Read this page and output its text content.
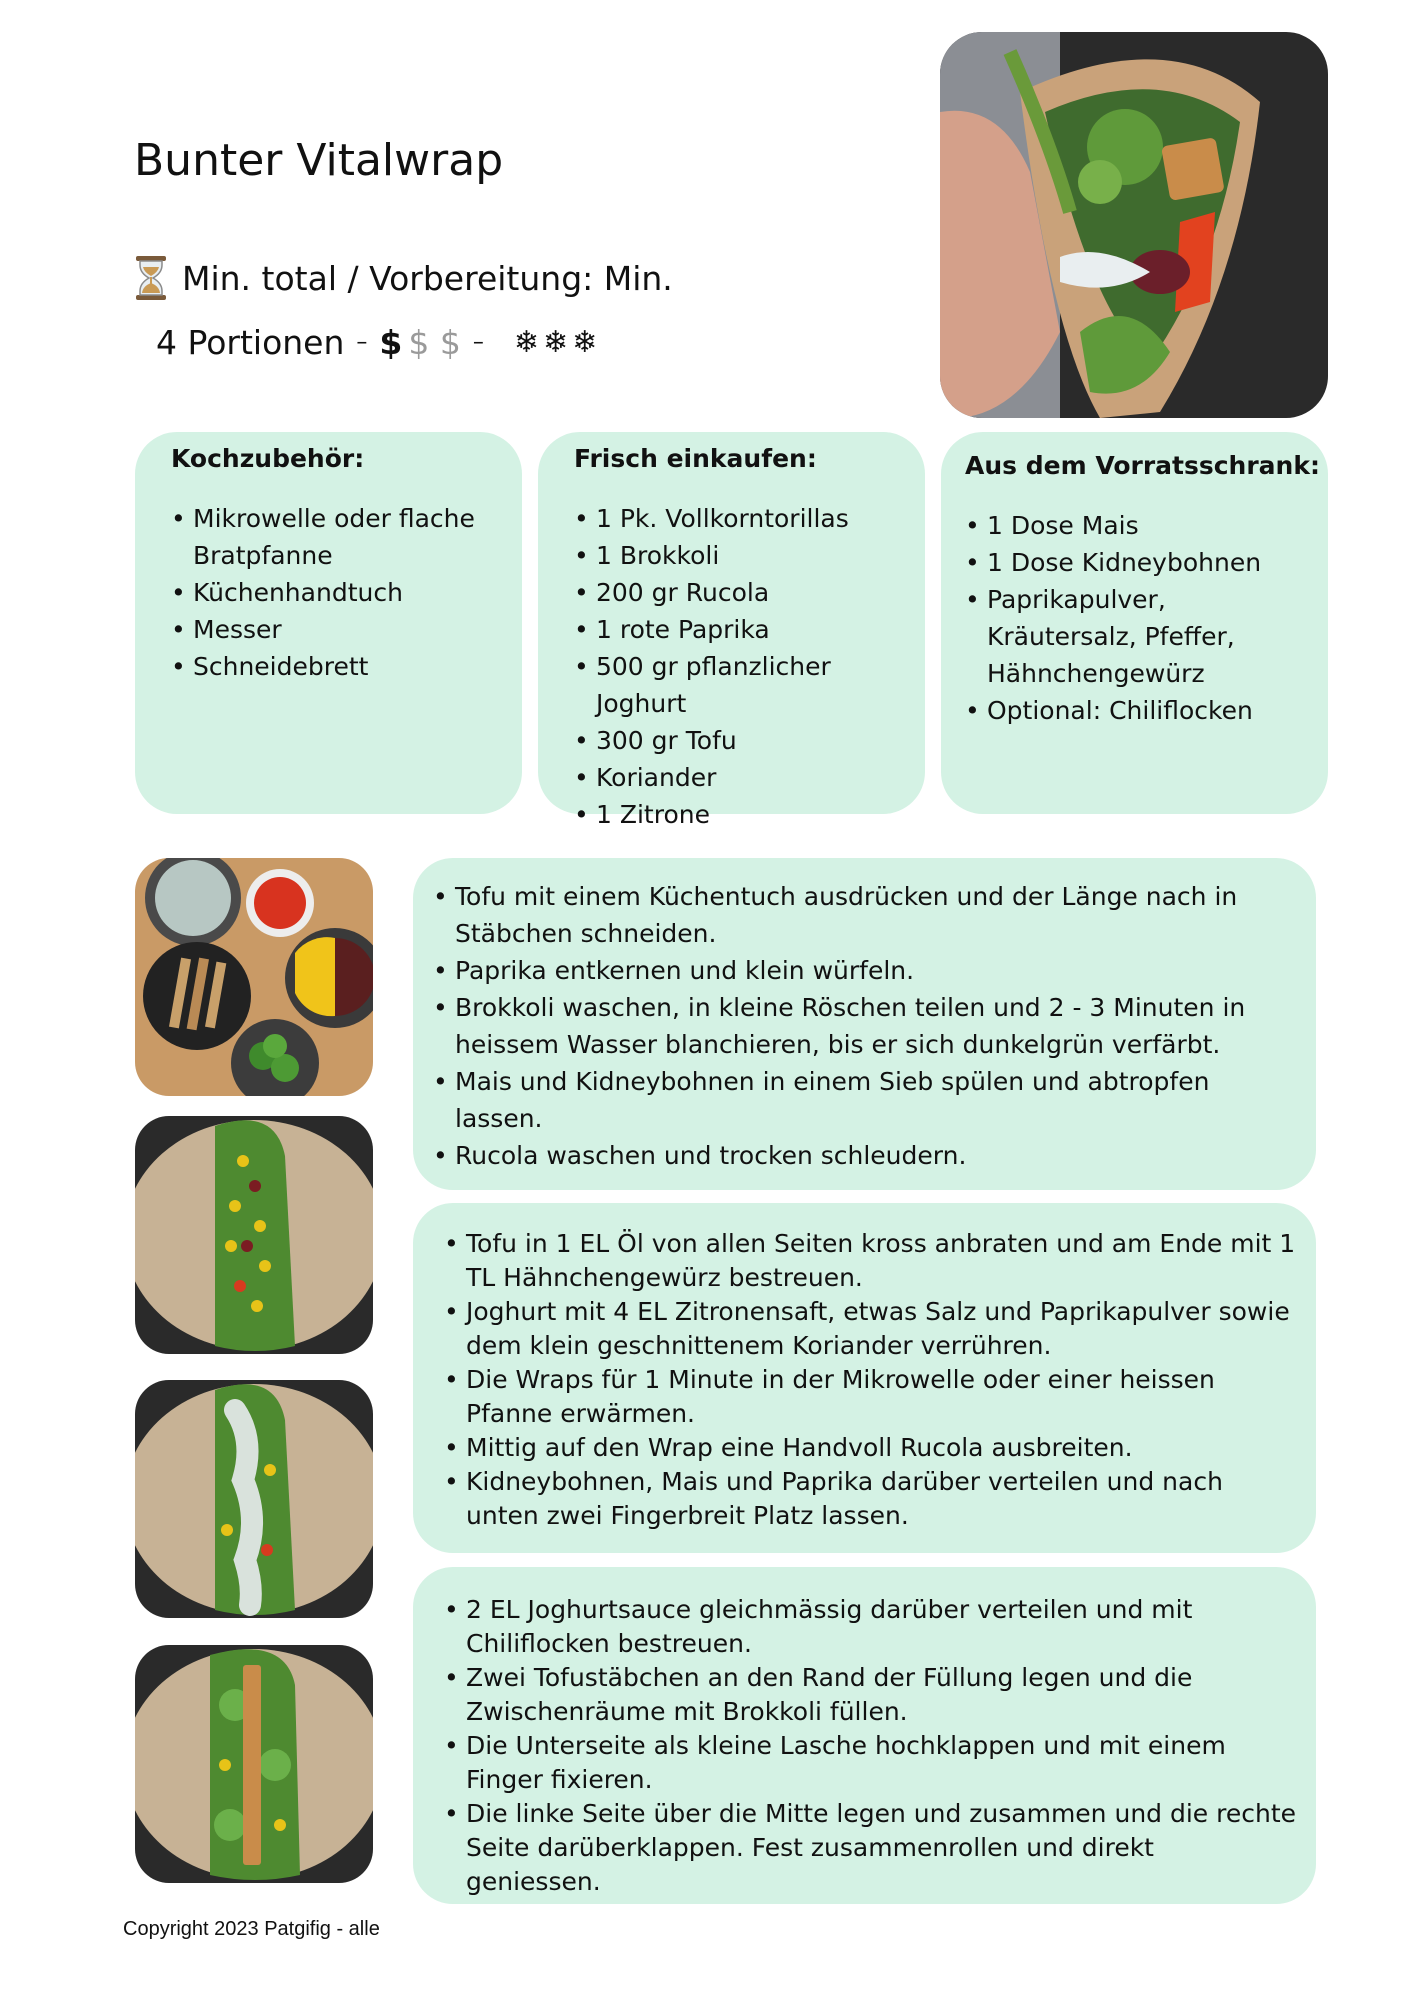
Bunter Vitalwrap
Min. total / Vorbereitung: Min.
4 Portionen – $ $ $ – ❄❄❄
Kochzubehör:
• Mikrowelle oder flache Bratpfanne
• Küchenhandtuch
• Messer
• Schneidebrett
Frisch einkaufen:
• 1 Pk. Vollkorntorillas
• 1 Brokkoli
• 200 gr Rucola
• 1 rote Paprika
• 500 gr pflanzlicher Joghurt
• 300 gr Tofu
• Koriander
• 1 Zitrone
Aus dem Vorratsschrank:
• 1 Dose Mais
• 1 Dose Kidneybohnen
• Paprikapulver, Kräutersalz, Pfeffer, Hähnchengewürz
• Optional: Chiliflocken
• Tofu mit einem Küchentuch ausdrücken und der Länge nach in Stäbchen schneiden.
• Paprika entkernen und klein würfeln.
• Brokkoli waschen, in kleine Röschen teilen und 2 - 3 Minuten in heissem Wasser blanchieren, bis er sich dunkelgrün verfärbt.
• Mais und Kidneybohnen in einem Sieb spülen und abtropfen lassen.
• Rucola waschen und trocken schleudern.
• Tofu in 1 EL Öl von allen Seiten kross anbraten und am Ende mit 1 TL Hähnchengewürz bestreuen.
• Joghurt mit 4 EL Zitronensaft, etwas Salz und Paprikapulver sowie dem klein geschnittenem Koriander verrühren.
• Die Wraps für 1 Minute in der Mikrowelle oder einer heissen Pfanne erwärmen.
• Mittig auf den Wrap eine Handvoll Rucola ausbreiten.
• Kidneybohnen, Mais und Paprika darüber verteilen und nach unten zwei Fingerbreit Platz lassen.
• 2 EL Joghurtsauce gleichmässig darüber verteilen und mit Chiliflocken bestreuen.
• Zwei Tofustäbchen an den Rand der Füllung legen und die Zwischenräume mit Brokkoli füllen.
• Die Unterseite als kleine Lasche hochklappen und mit einem Finger fixieren.
• Die linke Seite über die Mitte legen und zusammen und die rechte Seite darüberklappen. Fest zusammenrollen und direkt geniessen.
Copyright 2023 Patgifig - alle
